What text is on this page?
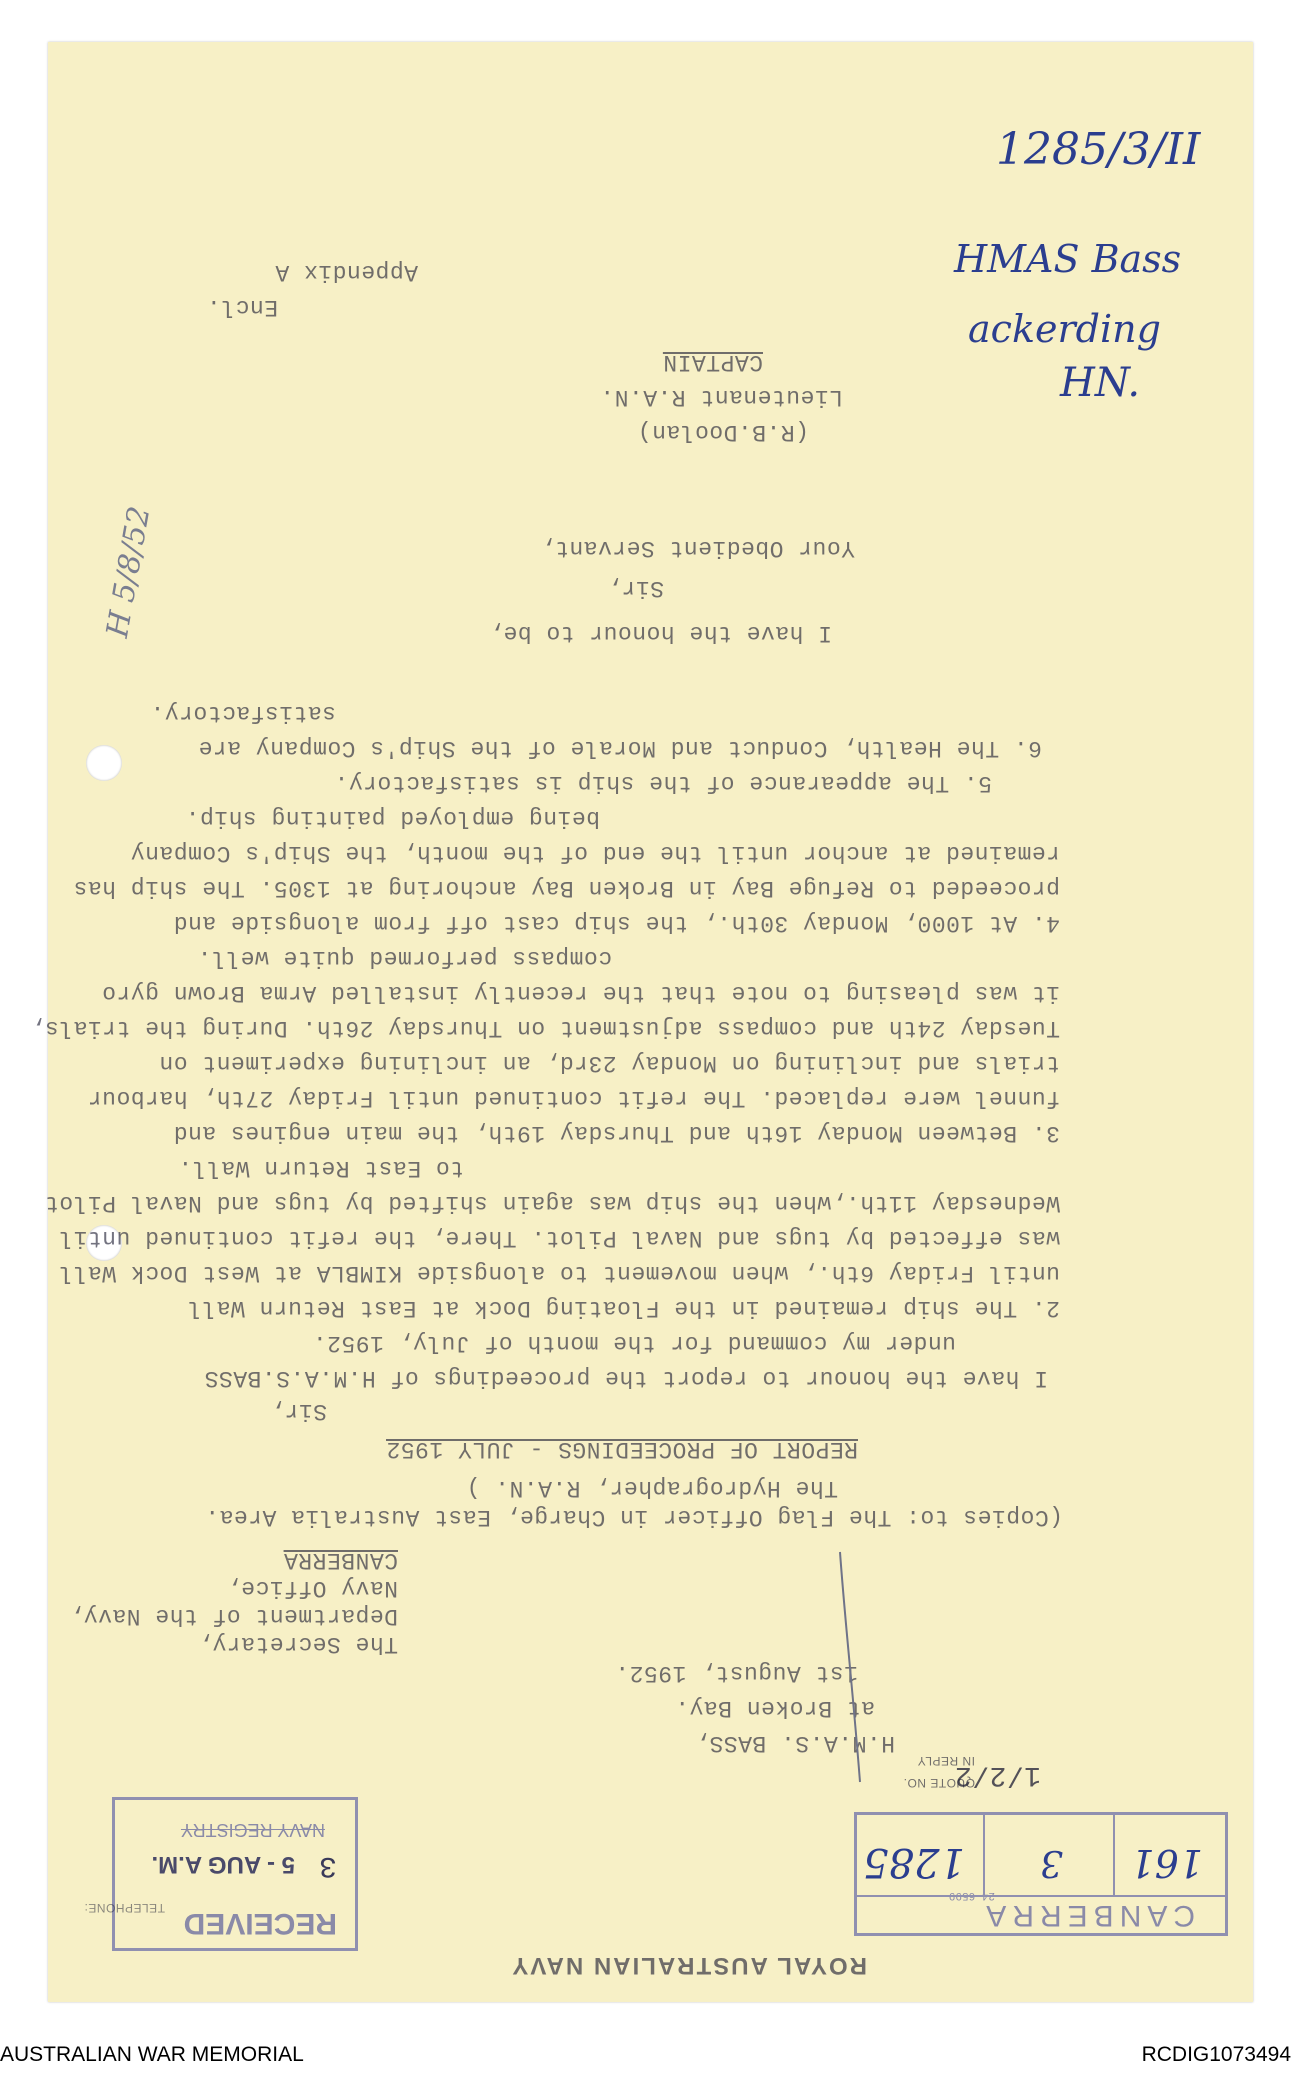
ROYAL AUSTRALIAN NAVY
RECEIVED
NAVY REGISTRY
5 - AUG A.M. 3
TELEPHONE:	CANBERRA
24 6599
1285 3 161
QUOTE NO.
IN REPLY
1/2/2
H.M.A.S. BASS,
at Broken Bay.
1st August, 1952.
The Secretary,
Department of the Navy,
Navy Office,
CANBERRA
(Copies to: The Flag Officer in Charge, East Australia Area.
The Hydrographer, R.A.N. )
REPORT OF PROCEEDINGS - JULY 1952
Sir,
I have the honour to report the proceedings of H.M.A.S.BASS
under my command for the month of July, 1952.
2. The ship remained in the Floating Dock at East Return Wall
until Friday 6th., when movement to alongside KIMBLA at West Dock Wall
was effected by tugs and Naval Pilot. There, the refit continued until
Wednesday 11th.,when the ship was again shifted by tugs and Naval Pilot
to East Return Wall.
3. Between Monday 16th and Thursday 19th, the main engines and
funnel were replaced. The refit continued until Friday 27th, harbour
trials and inclining on Monday 23rd, an inclining experiment on
Tuesday 24th and compass adjustment on Thursday 26th. During the trials,
it was pleasing to note that the recently installed Arma Brown gyro
compass performed quite well.
4. At 1000, Monday 30th., the ship cast off from alongside and
proceeded to Refuge Bay in Broken Bay anchoring at 1305. The ship has
remained at anchor until the end of the month, the Ship's Company
being employed painting ship.
5. The appearance of the ship is satisfactory.
6. The Health, Conduct and Morale of the Ship's Company are
satisfactory.
I have the honour to be,
Sir,
Your Obedient Servant,
(R.B.Doolan)
Lieutenant R.A.N.
CAPTAIN
Encl.
Appendix A
1285/3/II
HMAS Bass
ackerding
HN.
H 5/8/52
AUSTRALIAN WAR MEMORIAL	RCDIG1073494
